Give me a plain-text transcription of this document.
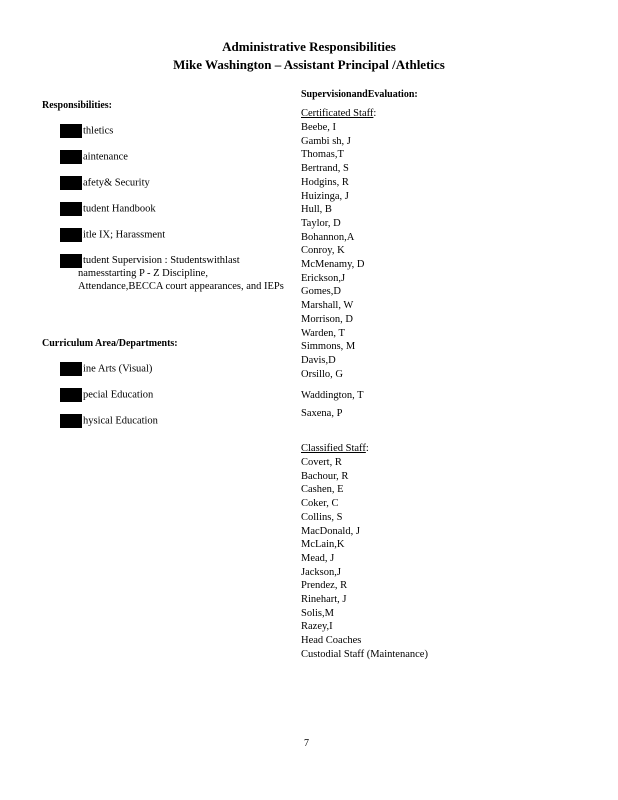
Administrative Responsibilities
Mike Washington – Assistant Principal /Athletics
Responsibilities:
thletics
aintenance
afety& Security
tudent Handbook
itle IX; Harassment
tudent Supervision : Studentswithlast namesstarting P - Z Discipline, Attendance,BECCA court appearances, and IEPs
Curriculum Area/Departments:
ine Arts (Visual)
pecial Education
hysical Education
SupervisionandEvaluation:
Certificated Staff:
Beebe, I
Gambi sh, J
Thomas,T
Bertrand, S
Hodgins, R
Huizinga, J
Hull, B
Taylor, D
Bohannon,A
Conroy, K
McMenamy, D
Erickson,J
Gomes,D
Marshall, W
Morrison, D
Warden, T
Simmons, M
Davis,D
Orsillo, G
Waddington, T
Saxena, P
Classified Staff:
Covert, R
Bachour, R
Cashen, E
Coker, C
Collins, S
MacDonald, J
McLain,K
Mead, J
Jackson,J
Prendez, R
Rinehart, J
Solis,M
Razey,I
Head Coaches
Custodial Staff (Maintenance)
7
